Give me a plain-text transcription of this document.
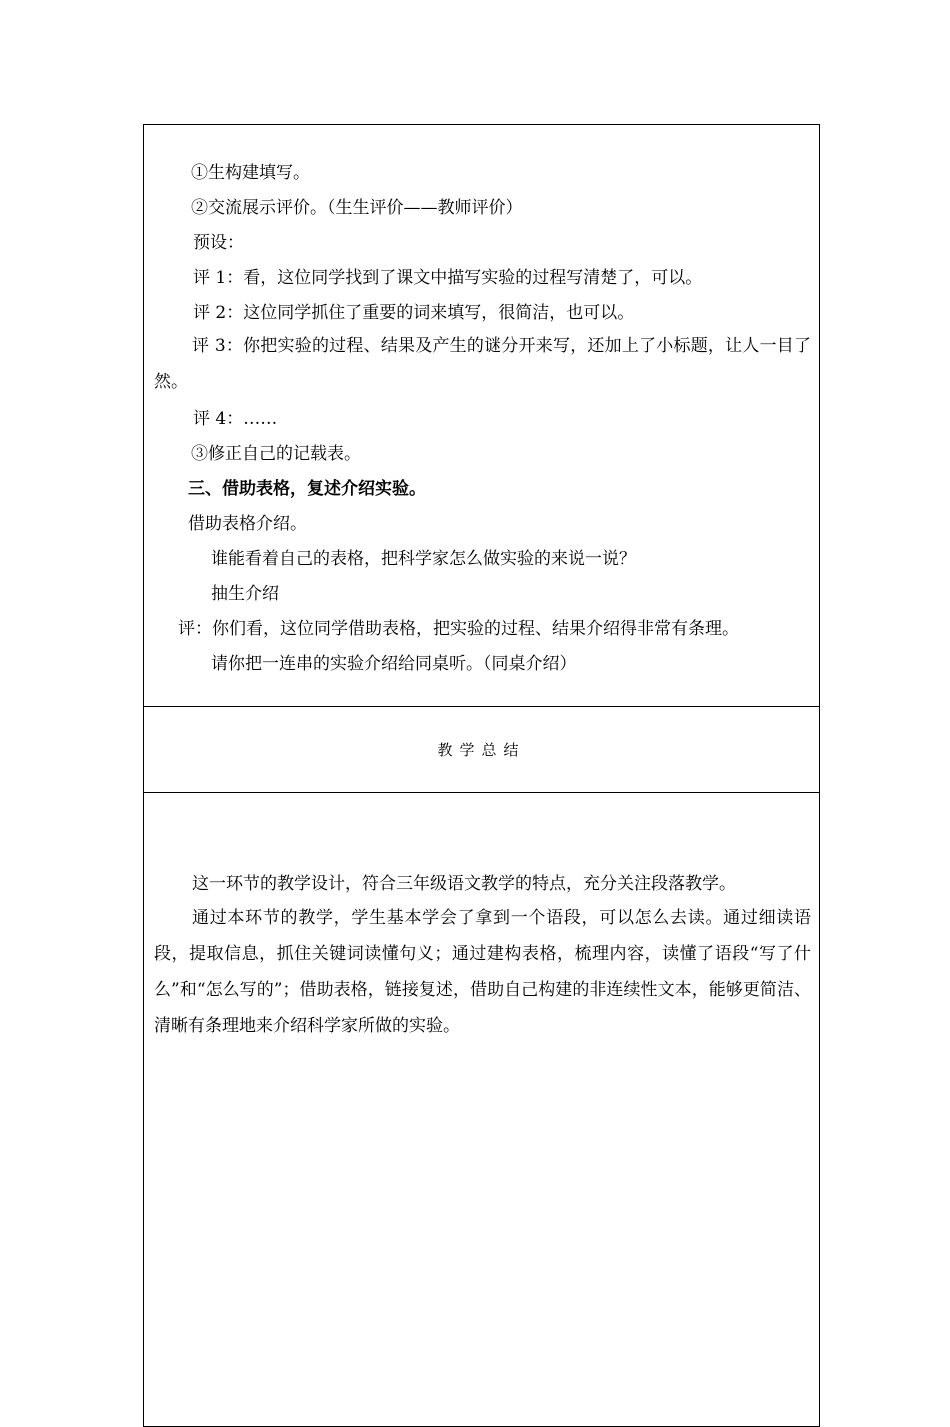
①生构建填写。
②交流展示评价。（生生评价——教师评价）
预设：
评 1：看，这位同学找到了课文中描写实验的过程写清楚了，可以。
评 2：这位同学抓住了重要的词来填写，很简洁，也可以。
评 3：你把实验的过程、结果及产生的谜分开来写，还加上了小标题，让人一目了然。
评 4：……
③修正自己的记载表。
三、借助表格，复述介绍实验。
借助表格介绍。
谁能看着自己的表格，把科学家怎么做实验的来说一说？
抽生介绍
评：你们看，这位同学借助表格，把实验的过程、结果介绍得非常有条理。
请你把一连串的实验介绍给同桌听。（同桌介绍）
教学总结
这一环节的教学设计，符合三年级语文教学的特点，充分关注段落教学。
通过本环节的教学，学生基本学会了拿到一个语段，可以怎么去读。通过细读语段，提取信息，抓住关键词读懂句义；通过建构表格，梳理内容，读懂了语段“写了什么”和“怎么写的”；借助表格，链接复述，借助自己构建的非连续性文本，能够更简洁、清晰有条理地来介绍科学家所做的实验。
